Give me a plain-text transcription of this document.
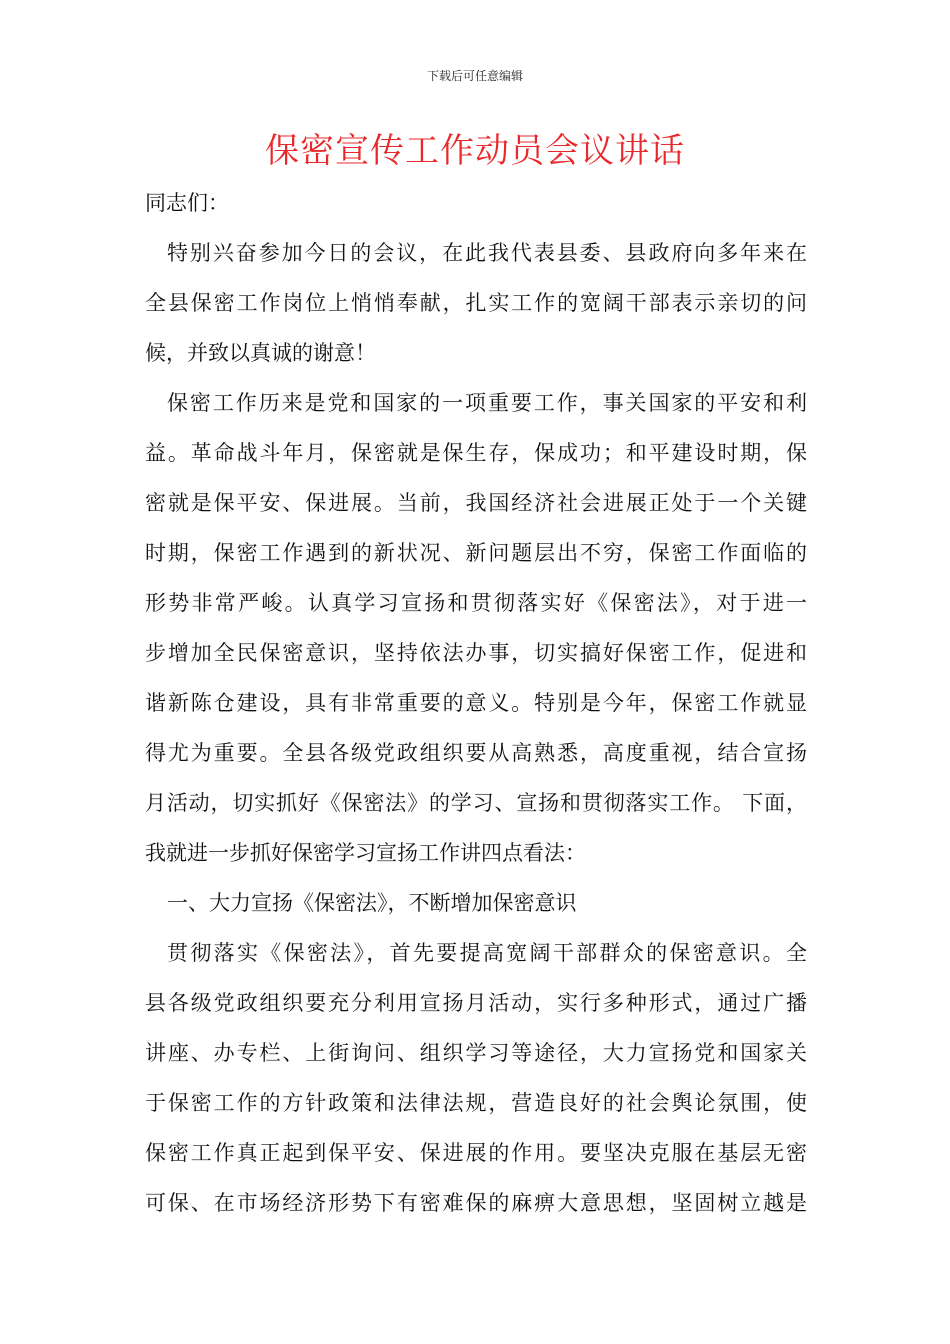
下载后可任意编辑
保密宣传工作动员会议讲话
同志们：
特别兴奋参加今日的会议，在此我代表县委、县政府向多年来在
全县保密工作岗位上悄悄奉献，扎实工作的宽阔干部表示亲切的问
候，并致以真诚的谢意！
保密工作历来是党和国家的一项重要工作，事关国家的平安和利
益。革命战斗年月，保密就是保生存，保成功；和平建设时期，保
密就是保平安、保进展。当前，我国经济社会进展正处于一个关键
时期，保密工作遇到的新状况、新问题层出不穷，保密工作面临的
形势非常严峻。认真学习宣扬和贯彻落实好《保密法》，对于进一
步增加全民保密意识，坚持依法办事，切实搞好保密工作，促进和
谐新陈仓建设，具有非常重要的意义。特别是今年，保密工作就显
得尤为重要。全县各级党政组织要从高熟悉，高度重视，结合宣扬
月活动，切实抓好《保密法》的学习、宣扬和贯彻落实工作。 下面，
我就进一步抓好保密学习宣扬工作讲四点看法：
一、大力宣扬《保密法》，不断增加保密意识
贯彻落实《保密法》，首先要提高宽阔干部群众的保密意识。全
县各级党政组织要充分利用宣扬月活动，实行多种形式，通过广播
讲座、办专栏、上街询问、组织学习等途径，大力宣扬党和国家关
于保密工作的方针政策和法律法规，营造良好的社会舆论氛围，使
保密工作真正起到保平安、保进展的作用。要坚决克服在基层无密
可保、在市场经济形势下有密难保的麻痹大意思想，坚固树立越是
